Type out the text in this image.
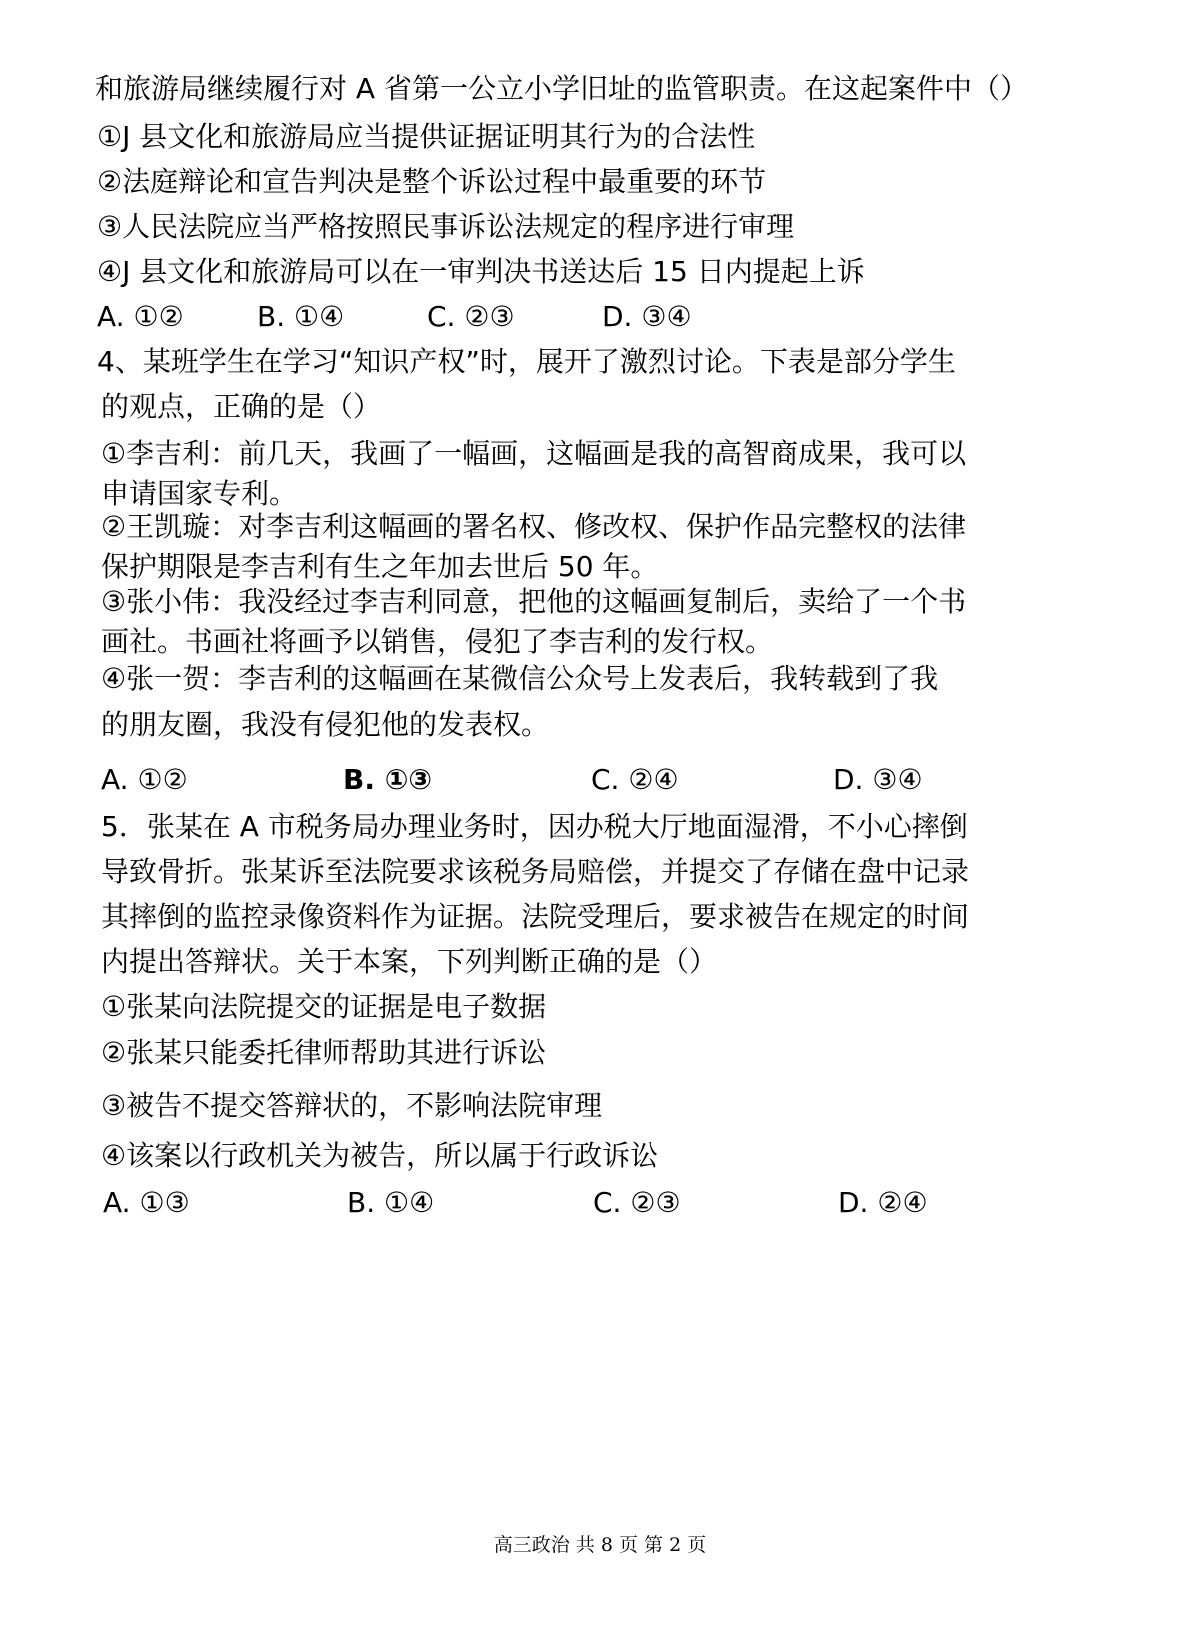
和旅游局继续履行对 A 省第一公立小学旧址的监管职责。在这起案件中（）
①J 县文化和旅游局应当提供证据证明其行为的合法性
②法庭辩论和宣告判决是整个诉讼过程中最重要的环节
③人民法院应当严格按照民事诉讼法规定的程序进行审理
④J 县文化和旅游局可以在一审判决书送达后 15 日内提起上诉
A. ①②	B. ①④	C. ②③	D. ③④
4、某班学生在学习“知识产权”时，展开了激烈讨论。下表是部分学生
的观点，正确的是（）
①李吉利：前几天，我画了一幅画，这幅画是我的高智商成果，我可以
申请国家专利。
②王凯璇：对李吉利这幅画的署名权、修改权、保护作品完整权的法律
保护期限是李吉利有生之年加去世后 50 年。
③张小伟：我没经过李吉利同意，把他的这幅画复制后，卖给了一个书
画社。书画社将画予以销售，侵犯了李吉利的发行权。
④张一贺：李吉利的这幅画在某微信公众号上发表后，我转载到了我
的朋友圈，我没有侵犯他的发表权。
A. ①②	B. ①③	C. ②④	D. ③④
5．张某在 A 市税务局办理业务时，因办税大厅地面湿滑，不小心摔倒
导致骨折。张某诉至法院要求该税务局赔偿，并提交了存储在盘中记录
其摔倒的监控录像资料作为证据。法院受理后，要求被告在规定的时间
内提出答辩状。关于本案，下列判断正确的是（）
①张某向法院提交的证据是电子数据
②张某只能委托律师帮助其进行诉讼
③被告不提交答辩状的，不影响法院审理
④该案以行政机关为被告，所以属于行政诉讼
A. ①③	B. ①④	C. ②③	D. ②④
高三政治 共 8 页 第 2 页
